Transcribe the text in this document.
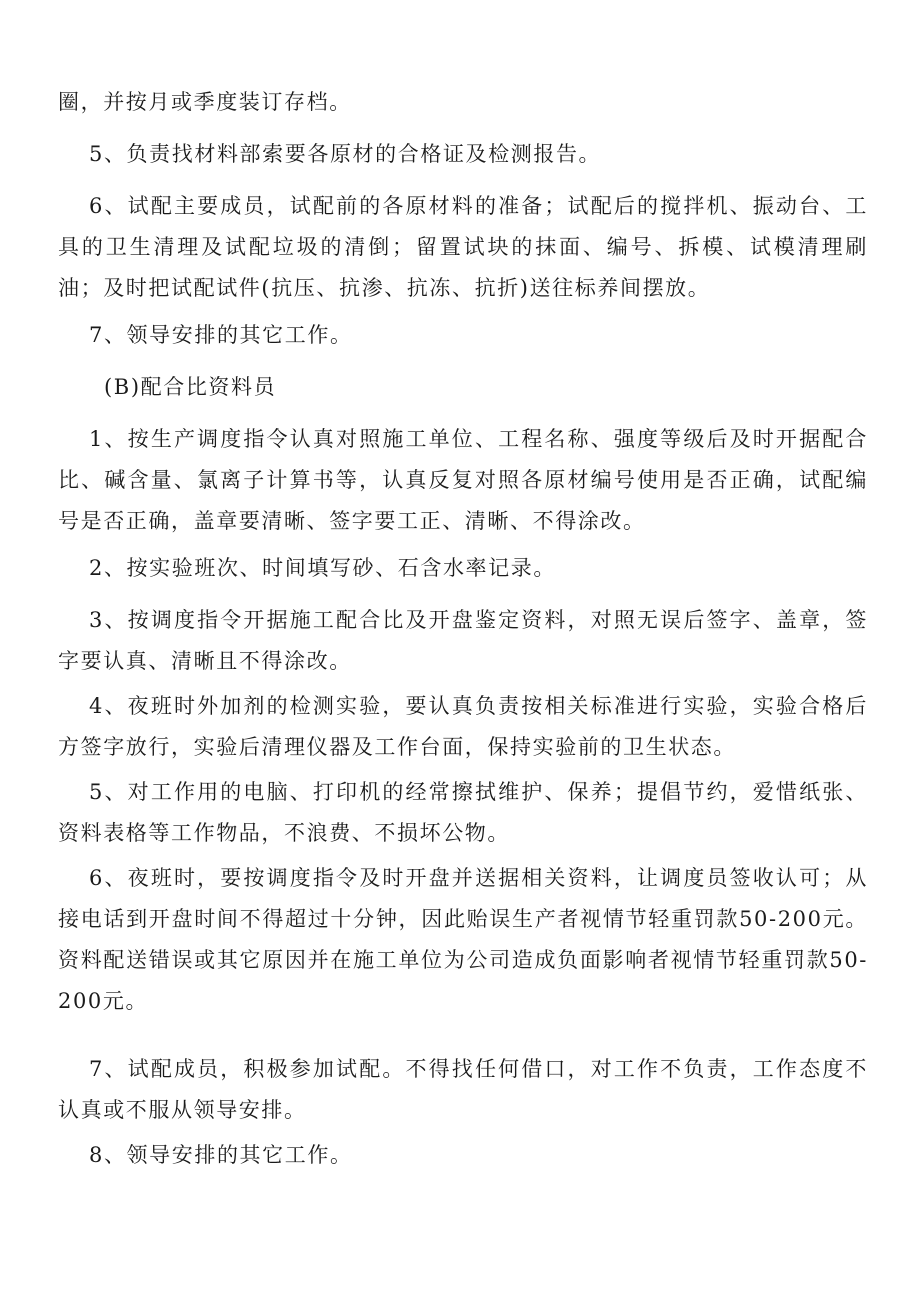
圈，并按月或季度装订存档。

5、负责找材料部索要各原材的合格证及检测报告。

6、试配主要成员，试配前的各原材料的准备；试配后的搅拌机、振动台、工具的卫生清理及试配垃圾的清倒；留置试块的抹面、编号、拆模、试模清理刷油；及时把试配试件(抗压、抗渗、抗冻、抗折)送往标养间摆放。

7、领导安排的其它工作。

(B)配合比资料员

1、按生产调度指令认真对照施工单位、工程名称、强度等级后及时开据配合比、碱含量、氯离子计算书等，认真反复对照各原材编号使用是否正确，试配编号是否正确，盖章要清晰、签字要工正、清晰、不得涂改。

2、按实验班次、时间填写砂、石含水率记录。

3、按调度指令开据施工配合比及开盘鉴定资料，对照无误后签字、盖章，签字要认真、清晰且不得涂改。

4、夜班时外加剂的检测实验，要认真负责按相关标准进行实验，实验合格后方签字放行，实验后清理仪器及工作台面，保持实验前的卫生状态。

5、对工作用的电脑、打印机的经常擦拭维护、保养；提倡节约，爱惜纸张、资料表格等工作物品，不浪费、不损坏公物。

6、夜班时，要按调度指令及时开盘并送据相关资料，让调度员签收认可；从接电话到开盘时间不得超过十分钟，因此贻误生产者视情节轻重罚款50-200元。资料配送错误或其它原因并在施工单位为公司造成负面影响者视情节轻重罚款50-200元。

7、试配成员，积极参加试配。不得找任何借口，对工作不负责，工作态度不认真或不服从领导安排。

8、领导安排的其它工作。
